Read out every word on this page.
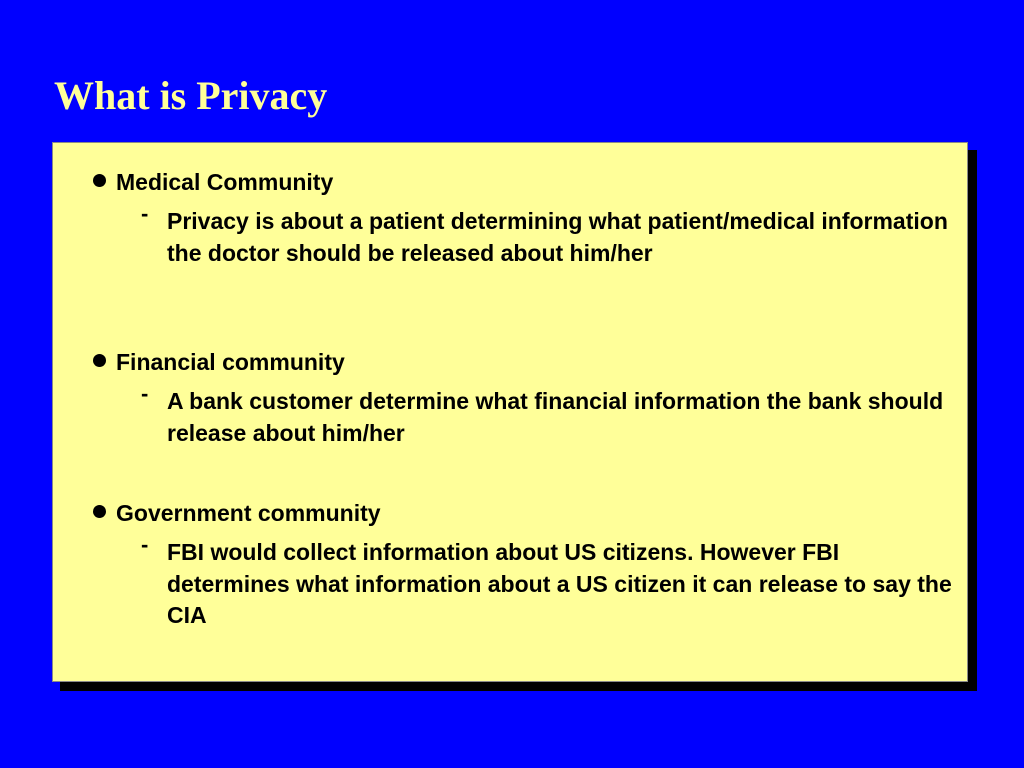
What is Privacy
Medical Community
- Privacy is about a patient determining what patient/medical information the doctor should be released about him/her
Financial community
- A bank customer determine what financial information the bank should release about him/her
Government community
- FBI would collect information about US citizens. However FBI determines what information about a US citizen it can release to say the CIA
